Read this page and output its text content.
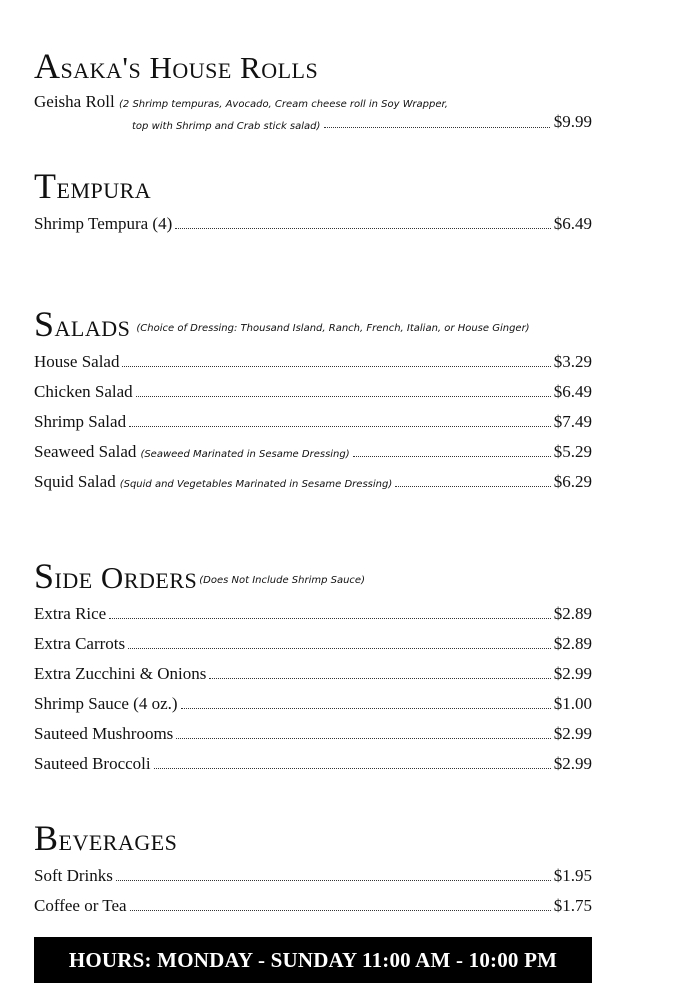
Asaka's House Rolls
Geisha Roll (2 Shrimp tempuras, Avocado, Cream cheese roll in Soy Wrapper,
top with Shrimp and Crab stick salad)	$9.99
Tempura
Shrimp Tempura (4)	$6.49
Salads (Choice of Dressing: Thousand Island, Ranch, French, Italian, or House Ginger)
House Salad	$3.29
Chicken Salad	$6.49
Shrimp Salad	$7.49
Seaweed Salad (Seaweed Marinated in Sesame Dressing)	$5.29
Squid Salad (Squid and Vegetables Marinated in Sesame Dressing)	$6.29
Side Orders (Does Not Include Shrimp Sauce)
Extra Rice	$2.89
Extra Carrots	$2.89
Extra Zucchini & Onions	$2.99
Shrimp Sauce (4 oz.)	$1.00
Sauteed Mushrooms	$2.99
Sauteed Broccoli	$2.99
Beverages
Soft Drinks	$1.95
Coffee or Tea	$1.75
HOURS: MONDAY - SUNDAY 11:00 AM - 10:00 PM
